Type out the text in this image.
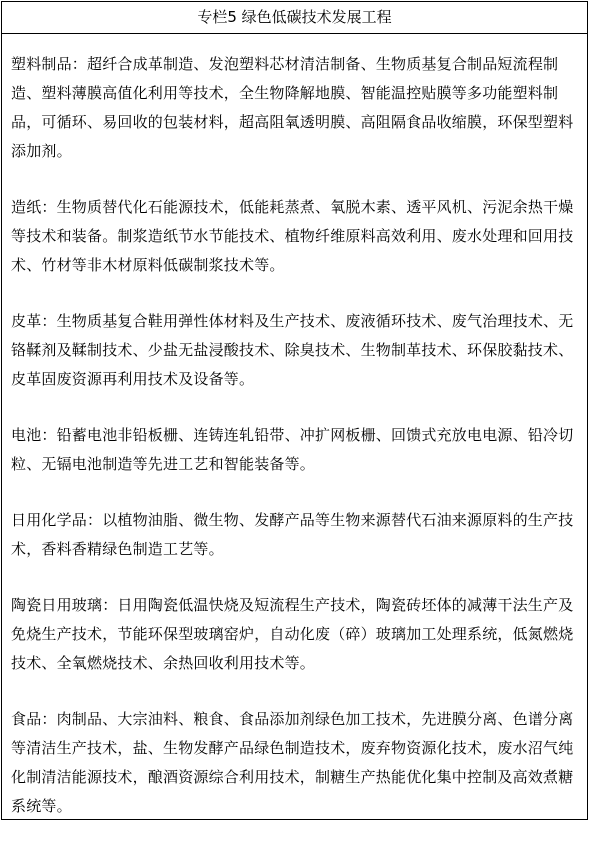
专栏5 绿色低碳技术发展工程

塑料制品：超纤合成革制造、发泡塑料芯材清洁制备、生物质基复合制品短流程制造、塑料薄膜高值化利用等技术，全生物降解地膜、智能温控贴膜等多功能塑料制品，可循环、易回收的包装材料，超高阻氧透明膜、高阻隔食品收缩膜，环保型塑料添加剂。

造纸：生物质替代化石能源技术，低能耗蒸煮、氧脱木素、透平风机、污泥余热干燥等技术和装备。制浆造纸节水节能技术、植物纤维原料高效利用、废水处理和回用技术、竹材等非木材原料低碳制浆技术等。

皮革：生物质基复合鞋用弹性体材料及生产技术、废液循环技术、废气治理技术、无铬鞣剂及鞣制技术、少盐无盐浸酸技术、除臭技术、生物制革技术、环保胶黏技术、皮革固废资源再利用技术及设备等。

电池：铅蓄电池非铅板栅、连铸连轧铅带、冲扩网板栅、回馈式充放电电源、铅冷切粒、无镉电池制造等先进工艺和智能装备等。

日用化学品：以植物油脂、微生物、发酵产品等生物来源替代石油来源原料的生产技术，香料香精绿色制造工艺等。

陶瓷日用玻璃：日用陶瓷低温快烧及短流程生产技术，陶瓷砖坯体的减薄干法生产及免烧生产技术，节能环保型玻璃窑炉，自动化废（碎）玻璃加工处理系统，低氮燃烧技术、全氧燃烧技术、余热回收利用技术等。

食品：肉制品、大宗油料、粮食、食品添加剂绿色加工技术，先进膜分离、色谱分离等清洁生产技术，盐、生物发酵产品绿色制造技术，废弃物资源化技术，废水沼气纯化制清洁能源技术，酿酒资源综合利用技术，制糖生产热能优化集中控制及高效煮糖系统等。
